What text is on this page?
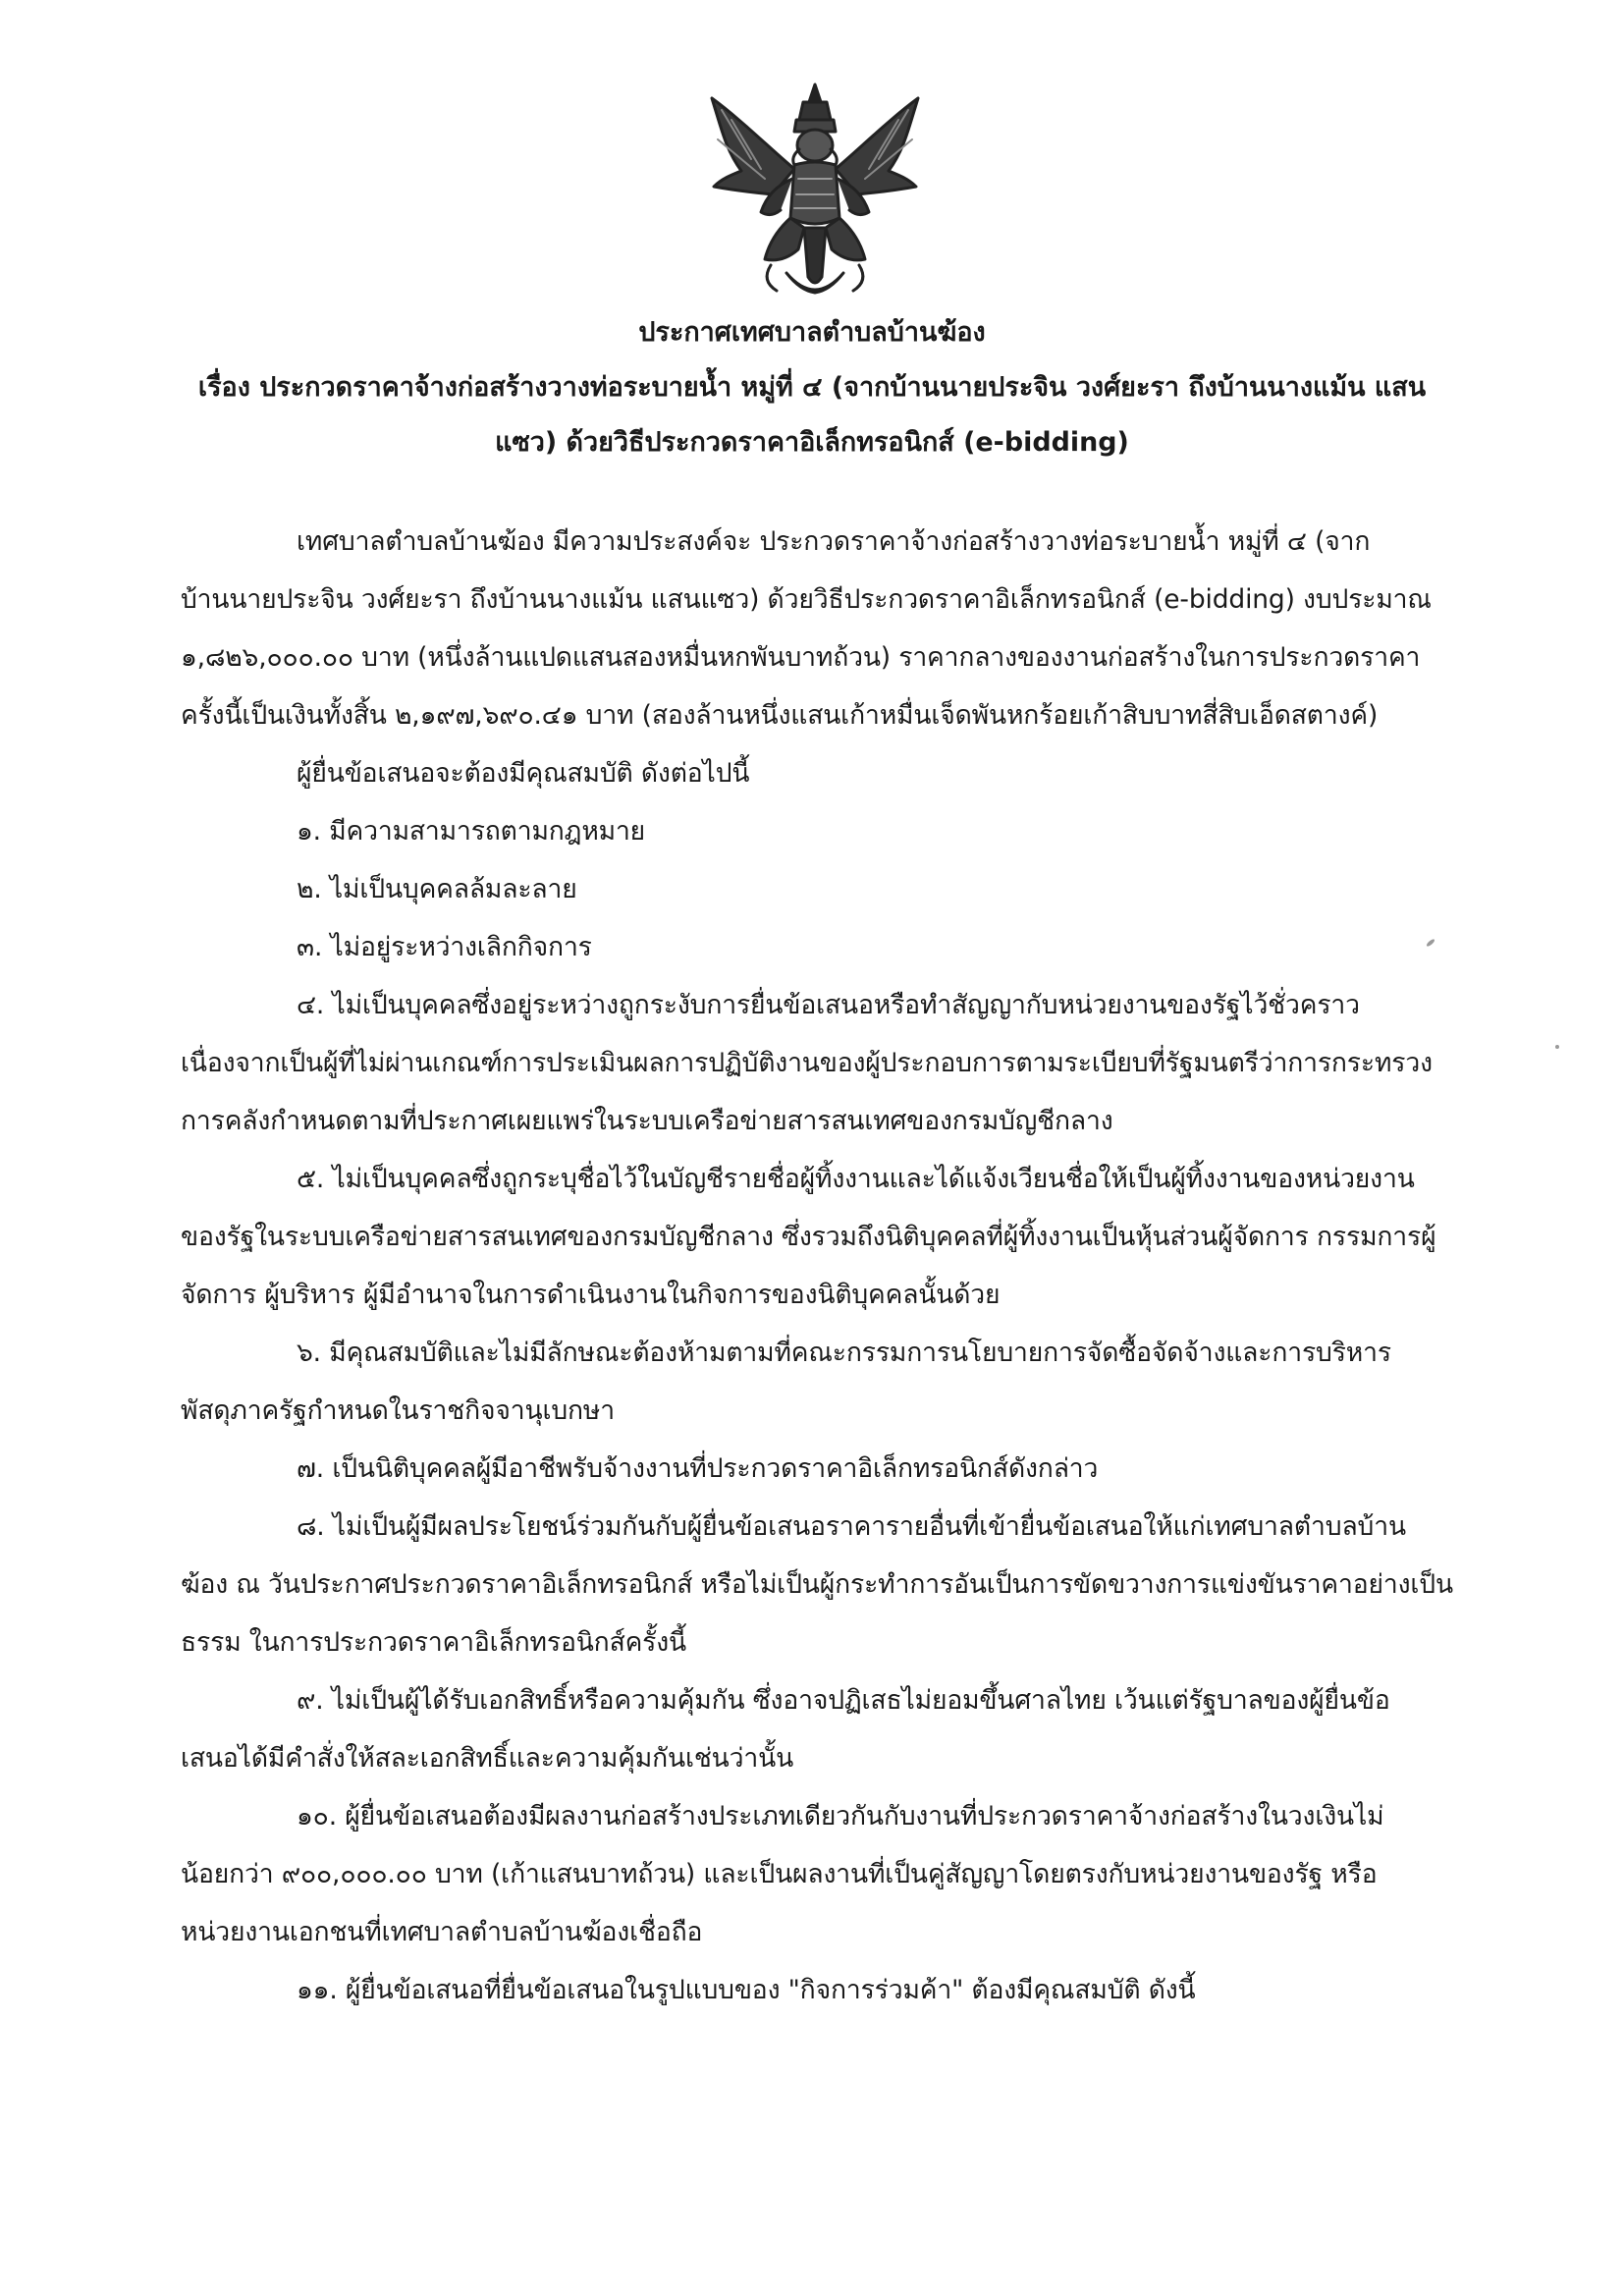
ประกาศเทศบาลตำบลบ้านฆ้อง

เรื่อง ประกวดราคาจ้างก่อสร้างวางท่อระบายน้ำ หมู่ที่ ๔ (จากบ้านนายประจิน วงศ์ยะรา ถึงบ้านนางแม้น แสน

แซว) ด้วยวิธีประกวดราคาอิเล็กทรอนิกส์ (e-bidding)

เทศบาลตำบลบ้านฆ้อง มีความประสงค์จะ ประกวดราคาจ้างก่อสร้างวางท่อระบายน้ำ หมู่ที่ ๔ (จาก
บ้านนายประจิน วงศ์ยะรา ถึงบ้านนางแม้น แสนแซว) ด้วยวิธีประกวดราคาอิเล็กทรอนิกส์ (e-bidding) งบประมาณ
๑,๘๒๖,๐๐๐.๐๐ บาท (หนึ่งล้านแปดแสนสองหมื่นหกพันบาทถ้วน) ราคากลางของงานก่อสร้างในการประกวดราคา
ครั้งนี้เป็นเงินทั้งสิ้น ๒,๑๙๗,๖๙๐.๔๑ บาท (สองล้านหนึ่งแสนเก้าหมื่นเจ็ดพันหกร้อยเก้าสิบบาทสี่สิบเอ็ดสตางค์)
ผู้ยื่นข้อเสนอจะต้องมีคุณสมบัติ ดังต่อไปนี้
๑. มีความสามารถตามกฎหมาย
๒. ไม่เป็นบุคคลล้มละลาย
๓. ไม่อยู่ระหว่างเลิกกิจการ
๔. ไม่เป็นบุคคลซึ่งอยู่ระหว่างถูกระงับการยื่นข้อเสนอหรือทำสัญญากับหน่วยงานของรัฐไว้ชั่วคราว
เนื่องจากเป็นผู้ที่ไม่ผ่านเกณฑ์การประเมินผลการปฏิบัติงานของผู้ประกอบการตามระเบียบที่รัฐมนตรีว่าการกระทรวง
การคลังกำหนดตามที่ประกาศเผยแพร่ในระบบเครือข่ายสารสนเทศของกรมบัญชีกลาง
๕. ไม่เป็นบุคคลซึ่งถูกระบุชื่อไว้ในบัญชีรายชื่อผู้ทิ้งงานและได้แจ้งเวียนชื่อให้เป็นผู้ทิ้งงานของหน่วยงาน
ของรัฐในระบบเครือข่ายสารสนเทศของกรมบัญชีกลาง ซึ่งรวมถึงนิติบุคคลที่ผู้ทิ้งงานเป็นหุ้นส่วนผู้จัดการ กรรมการผู้
จัดการ ผู้บริหาร ผู้มีอำนาจในการดำเนินงานในกิจการของนิติบุคคลนั้นด้วย
๖. มีคุณสมบัติและไม่มีลักษณะต้องห้ามตามที่คณะกรรมการนโยบายการจัดซื้อจัดจ้างและการบริหาร
พัสดุภาครัฐกำหนดในราชกิจจานุเบกษา
๗. เป็นนิติบุคคลผู้มีอาชีพรับจ้างงานที่ประกวดราคาอิเล็กทรอนิกส์ดังกล่าว
๘. ไม่เป็นผู้มีผลประโยชน์ร่วมกันกับผู้ยื่นข้อเสนอราคารายอื่นที่เข้ายื่นข้อเสนอให้แก่เทศบาลตำบลบ้าน
ฆ้อง ณ วันประกาศประกวดราคาอิเล็กทรอนิกส์ หรือไม่เป็นผู้กระทำการอันเป็นการขัดขวางการแข่งขันราคาอย่างเป็น
ธรรม ในการประกวดราคาอิเล็กทรอนิกส์ครั้งนี้
๙. ไม่เป็นผู้ได้รับเอกสิทธิ์หรือความคุ้มกัน ซึ่งอาจปฏิเสธไม่ยอมขึ้นศาลไทย เว้นแต่รัฐบาลของผู้ยื่นข้อ
เสนอได้มีคำสั่งให้สละเอกสิทธิ์และความคุ้มกันเช่นว่านั้น
๑๐. ผู้ยื่นข้อเสนอต้องมีผลงานก่อสร้างประเภทเดียวกันกับงานที่ประกวดราคาจ้างก่อสร้างในวงเงินไม่
น้อยกว่า ๙๐๐,๐๐๐.๐๐ บาท (เก้าแสนบาทถ้วน) และเป็นผลงานที่เป็นคู่สัญญาโดยตรงกับหน่วยงานของรัฐ หรือ
หน่วยงานเอกชนที่เทศบาลตำบลบ้านฆ้องเชื่อถือ
๑๑. ผู้ยื่นข้อเสนอที่ยื่นข้อเสนอในรูปแบบของ "กิจการร่วมค้า" ต้องมีคุณสมบัติ ดังนี้
